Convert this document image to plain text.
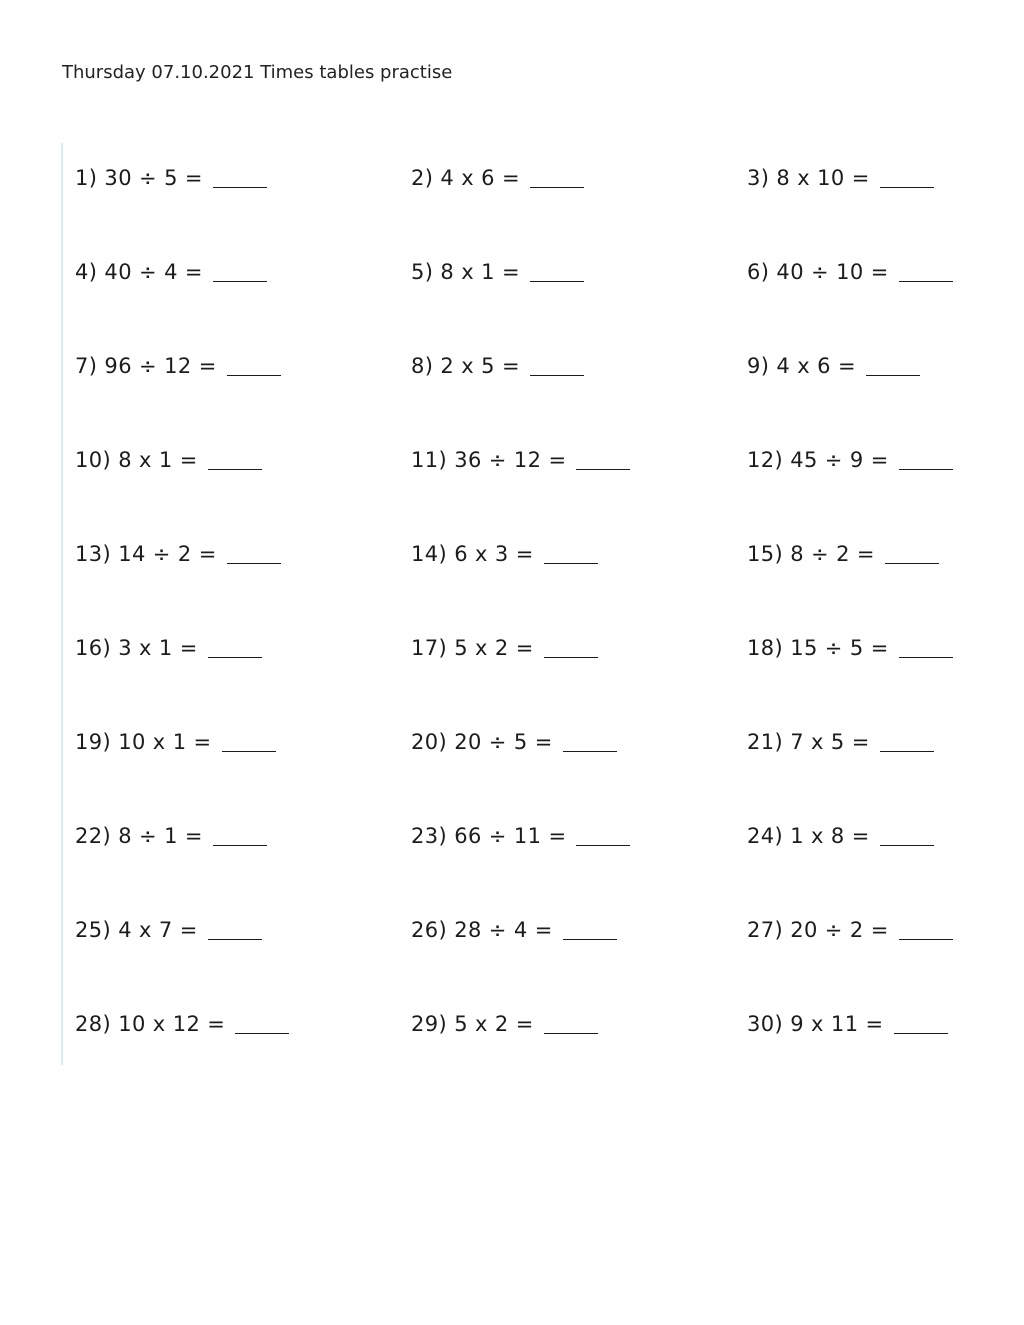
Thursday 07.10.2021 Times tables practise
1) 30 ÷ 5 =	2) 4 x 6 =	3) 8 x 10 =
4) 40 ÷ 4 =	5) 8 x 1 =	6) 40 ÷ 10 =
7) 96 ÷ 12 =	8) 2 x 5 =	9) 4 x 6 =
10) 8 x 1 =	11) 36 ÷ 12 =	12) 45 ÷ 9 =
13) 14 ÷ 2 =	14) 6 x 3 =	15) 8 ÷ 2 =
16) 3 x 1 =	17) 5 x 2 =	18) 15 ÷ 5 =
19) 10 x 1 =	20) 20 ÷ 5 =	21) 7 x 5 =
22) 8 ÷ 1 =	23) 66 ÷ 11 =	24) 1 x 8 =
25) 4 x 7 =	26) 28 ÷ 4 =	27) 20 ÷ 2 =
28) 10 x 12 =	29) 5 x 2 =	30) 9 x 11 =
